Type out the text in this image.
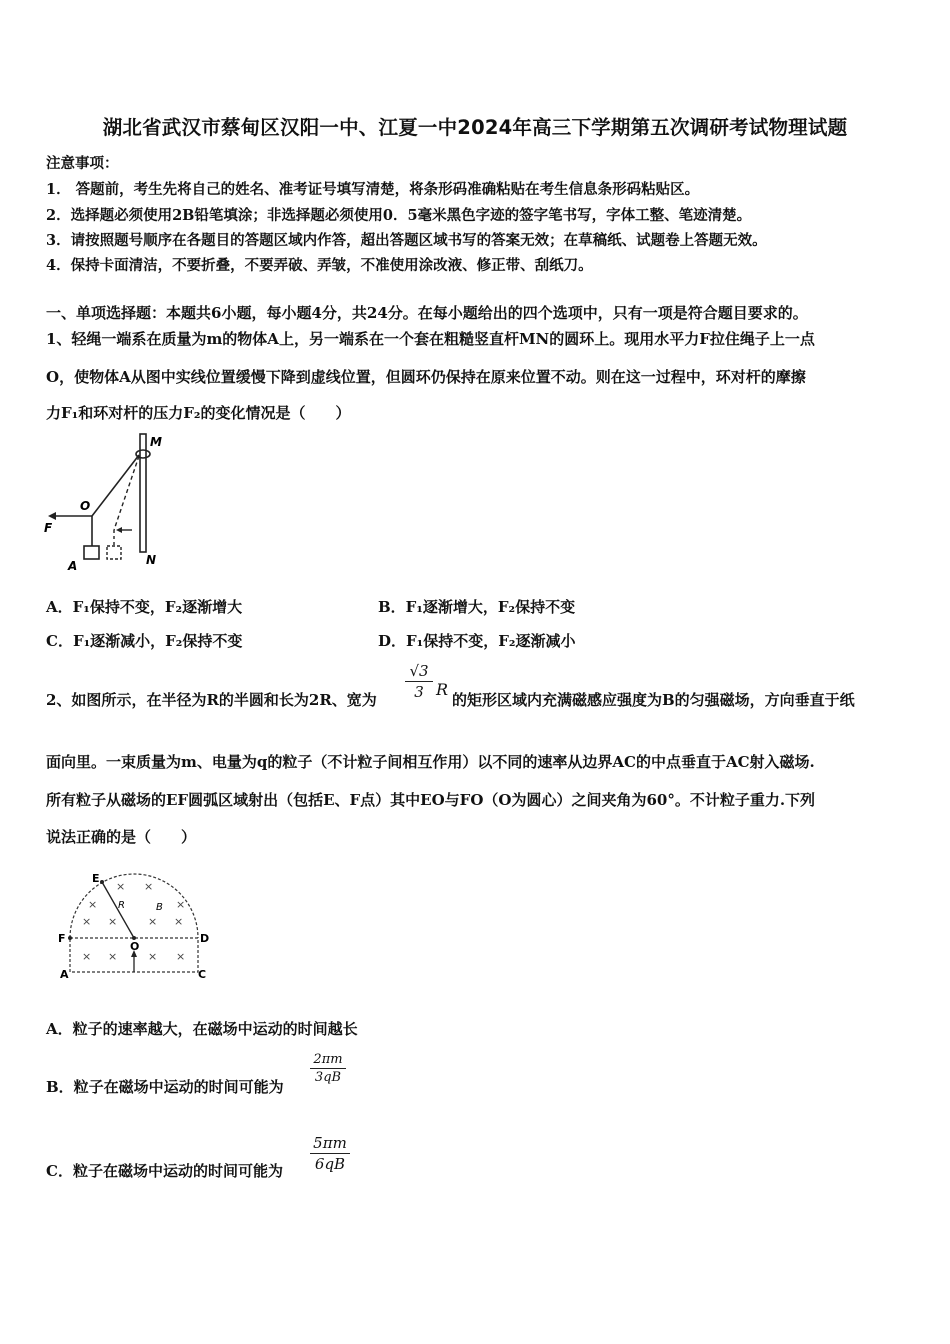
湖北省武汉市蔡甸区汉阳一中、江夏一中2024年高三下学期第五次调研考试物理试题
注意事项：
1． 答题前，考生先将自己的姓名、准考证号填写清楚，将条形码准确粘贴在考生信息条形码粘贴区。
2．选择题必须使用2B铅笔填涂；非选择题必须使用0．5毫米黑色字迹的签字笔书写，字体工整、笔迹清楚。
3．请按照题号顺序在各题目的答题区域内作答，超出答题区域书写的答案无效；在草稿纸、试题卷上答题无效。
4．保持卡面清洁，不要折叠，不要弄破、弄皱，不准使用涂改液、修正带、刮纸刀。
一、单项选择题：本题共6小题，每小题4分，共24分。在每小题给出的四个选项中，只有一项是符合题目要求的。
1、轻绳一端系在质量为m的物体A上，另一端系在一个套在粗糙竖直杆MN的圆环上。现用水平力F拉住绳子上一点
O，使物体A从图中实线位置缓慢下降到虚线位置，但圆环仍保持在原来位置不动。则在这一过程中，环对杆的摩擦
力F₁和环对杆的压力F₂的变化情况是（　　）
M
N
O
F
A
A．F₁保持不变，F₂逐渐增大	B．F₁逐渐增大，F₂保持不变
C．F₁逐渐减小，F₂保持不变	D．F₁保持不变，F₂逐渐减小
2、如图所示，在半径为R的半圆和长为2R、宽为
√3
3 R
的矩形区域内充满磁感应强度为B的匀强磁场，方向垂直于纸
面向里。一束质量为m、电量为q的粒子（不计粒子间相互作用）以不同的速率从边界AC的中点垂直于AC射入磁场.
所有粒子从磁场的EF圆弧区域射出（包括E、F点）其中EO与FO（O为圆心）之间夹角为60°。不计粒子重力.下列
说法正确的是（　　）
E
R	B
F
O
D
A	C
× ×
×	×
× ×	× ×
× ×	× ×
A．粒子的速率越大，在磁场中运动的时间越长
B．粒子在磁场中运动的时间可能为
2πm
3qB
C．粒子在磁场中运动的时间可能为
5πm
6qB
